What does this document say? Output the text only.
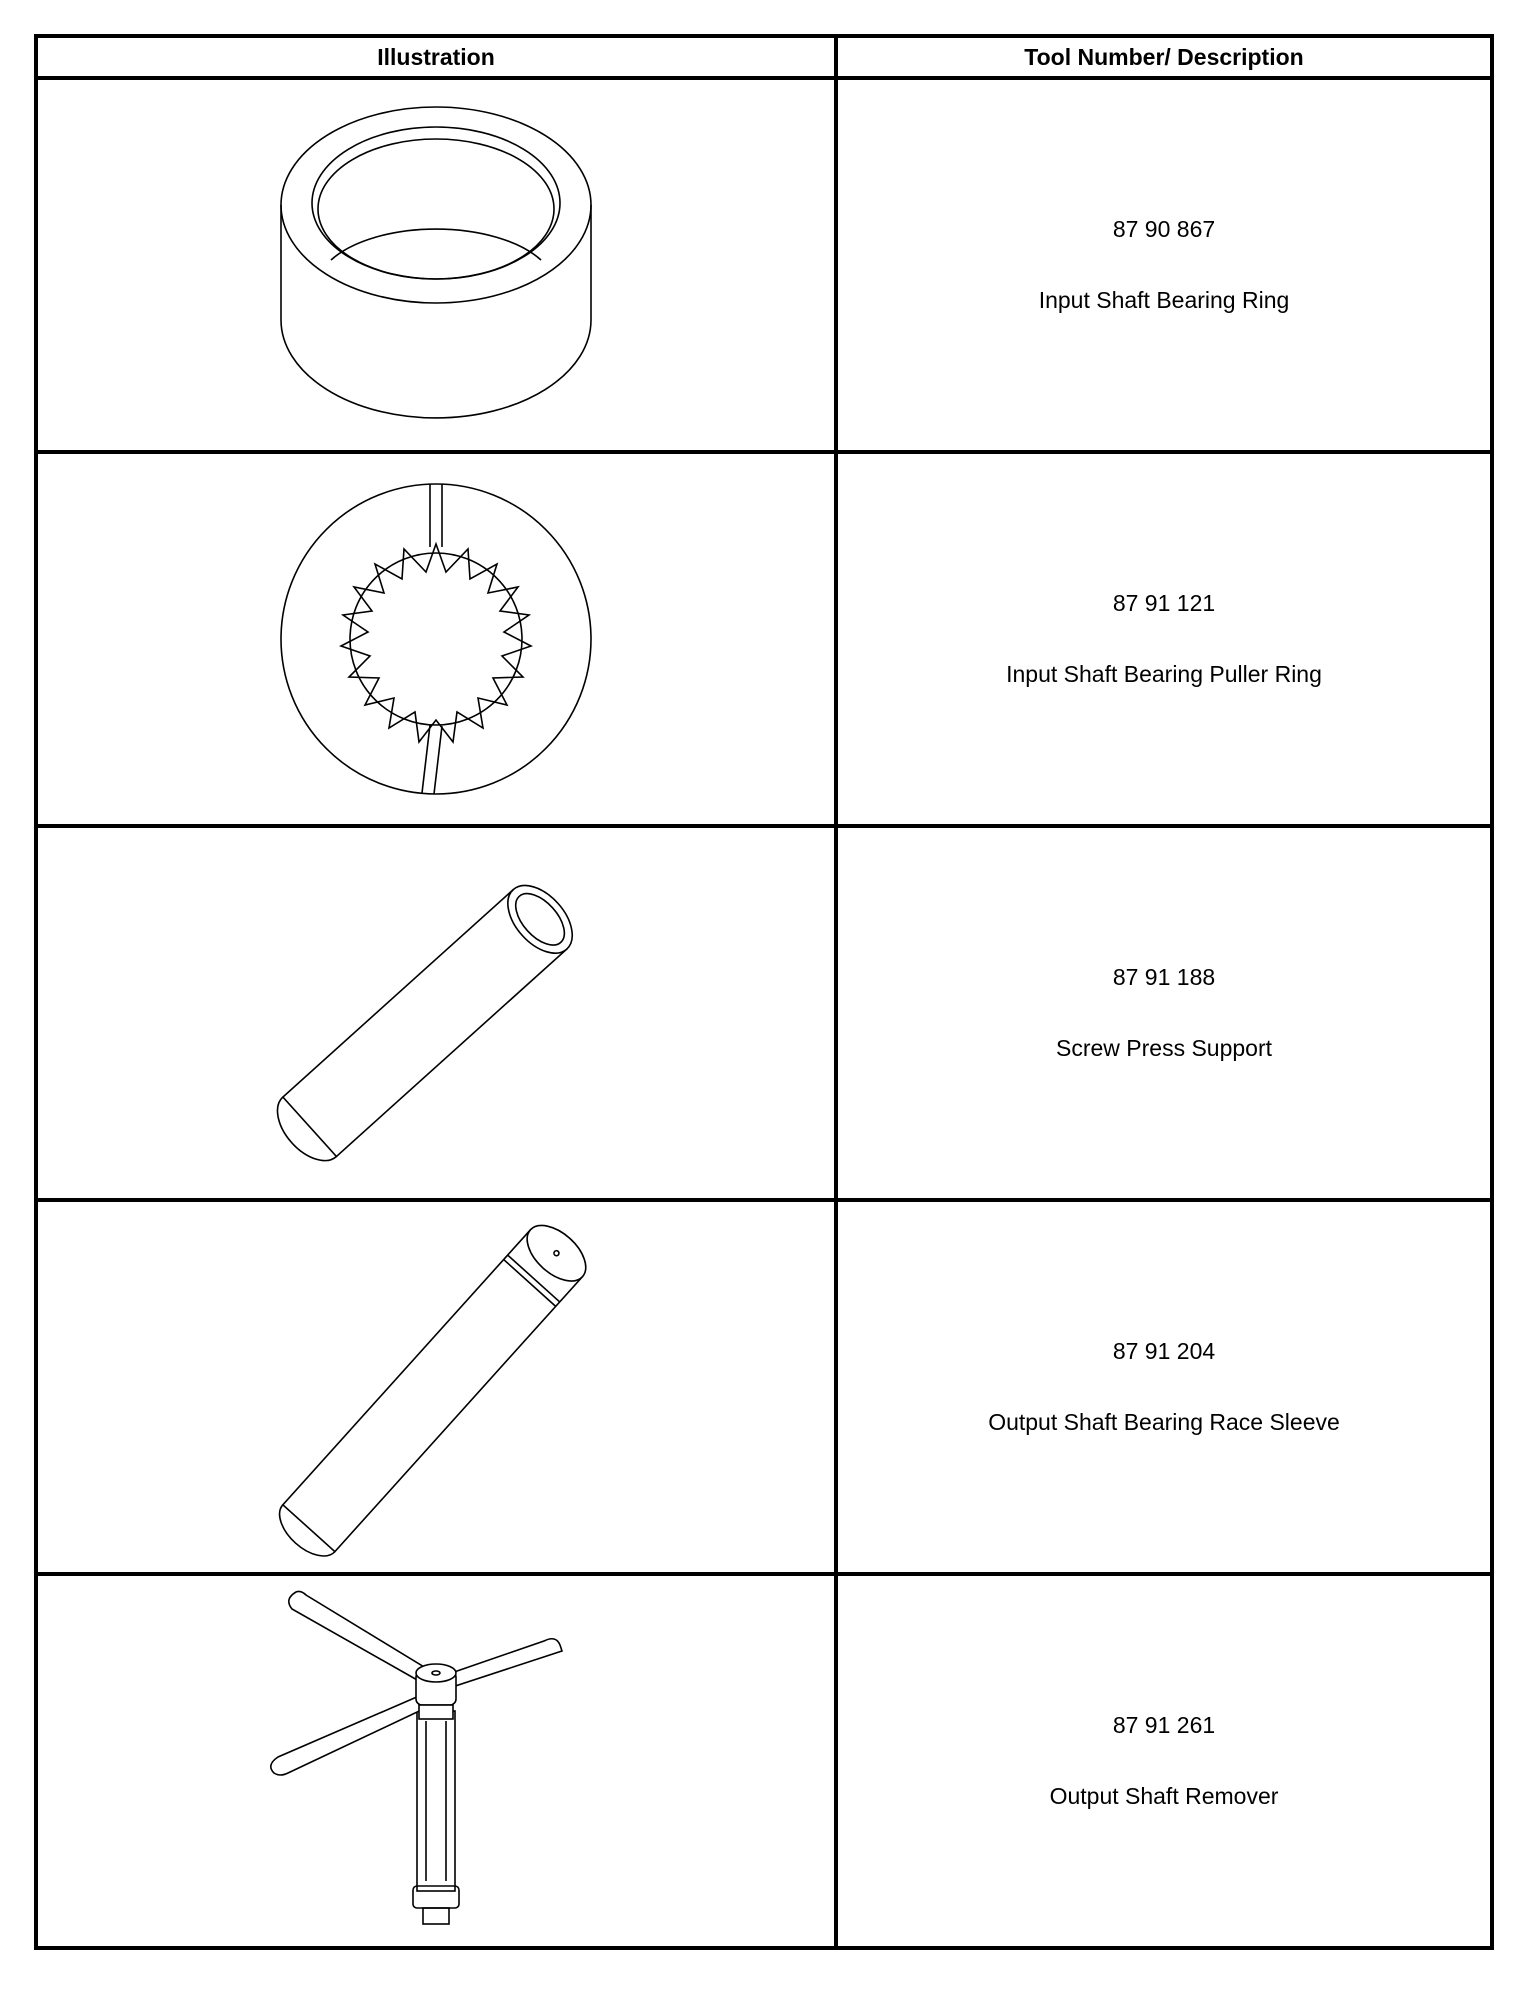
Illustration	Tool Number/ Description

87 90 867
Input Shaft Bearing Ring

87 91 121
Input Shaft Bearing Puller Ring

87 91 188
Screw Press Support

87 91 204
Output Shaft Bearing Race Sleeve

87 91 261
Output Shaft Remover
